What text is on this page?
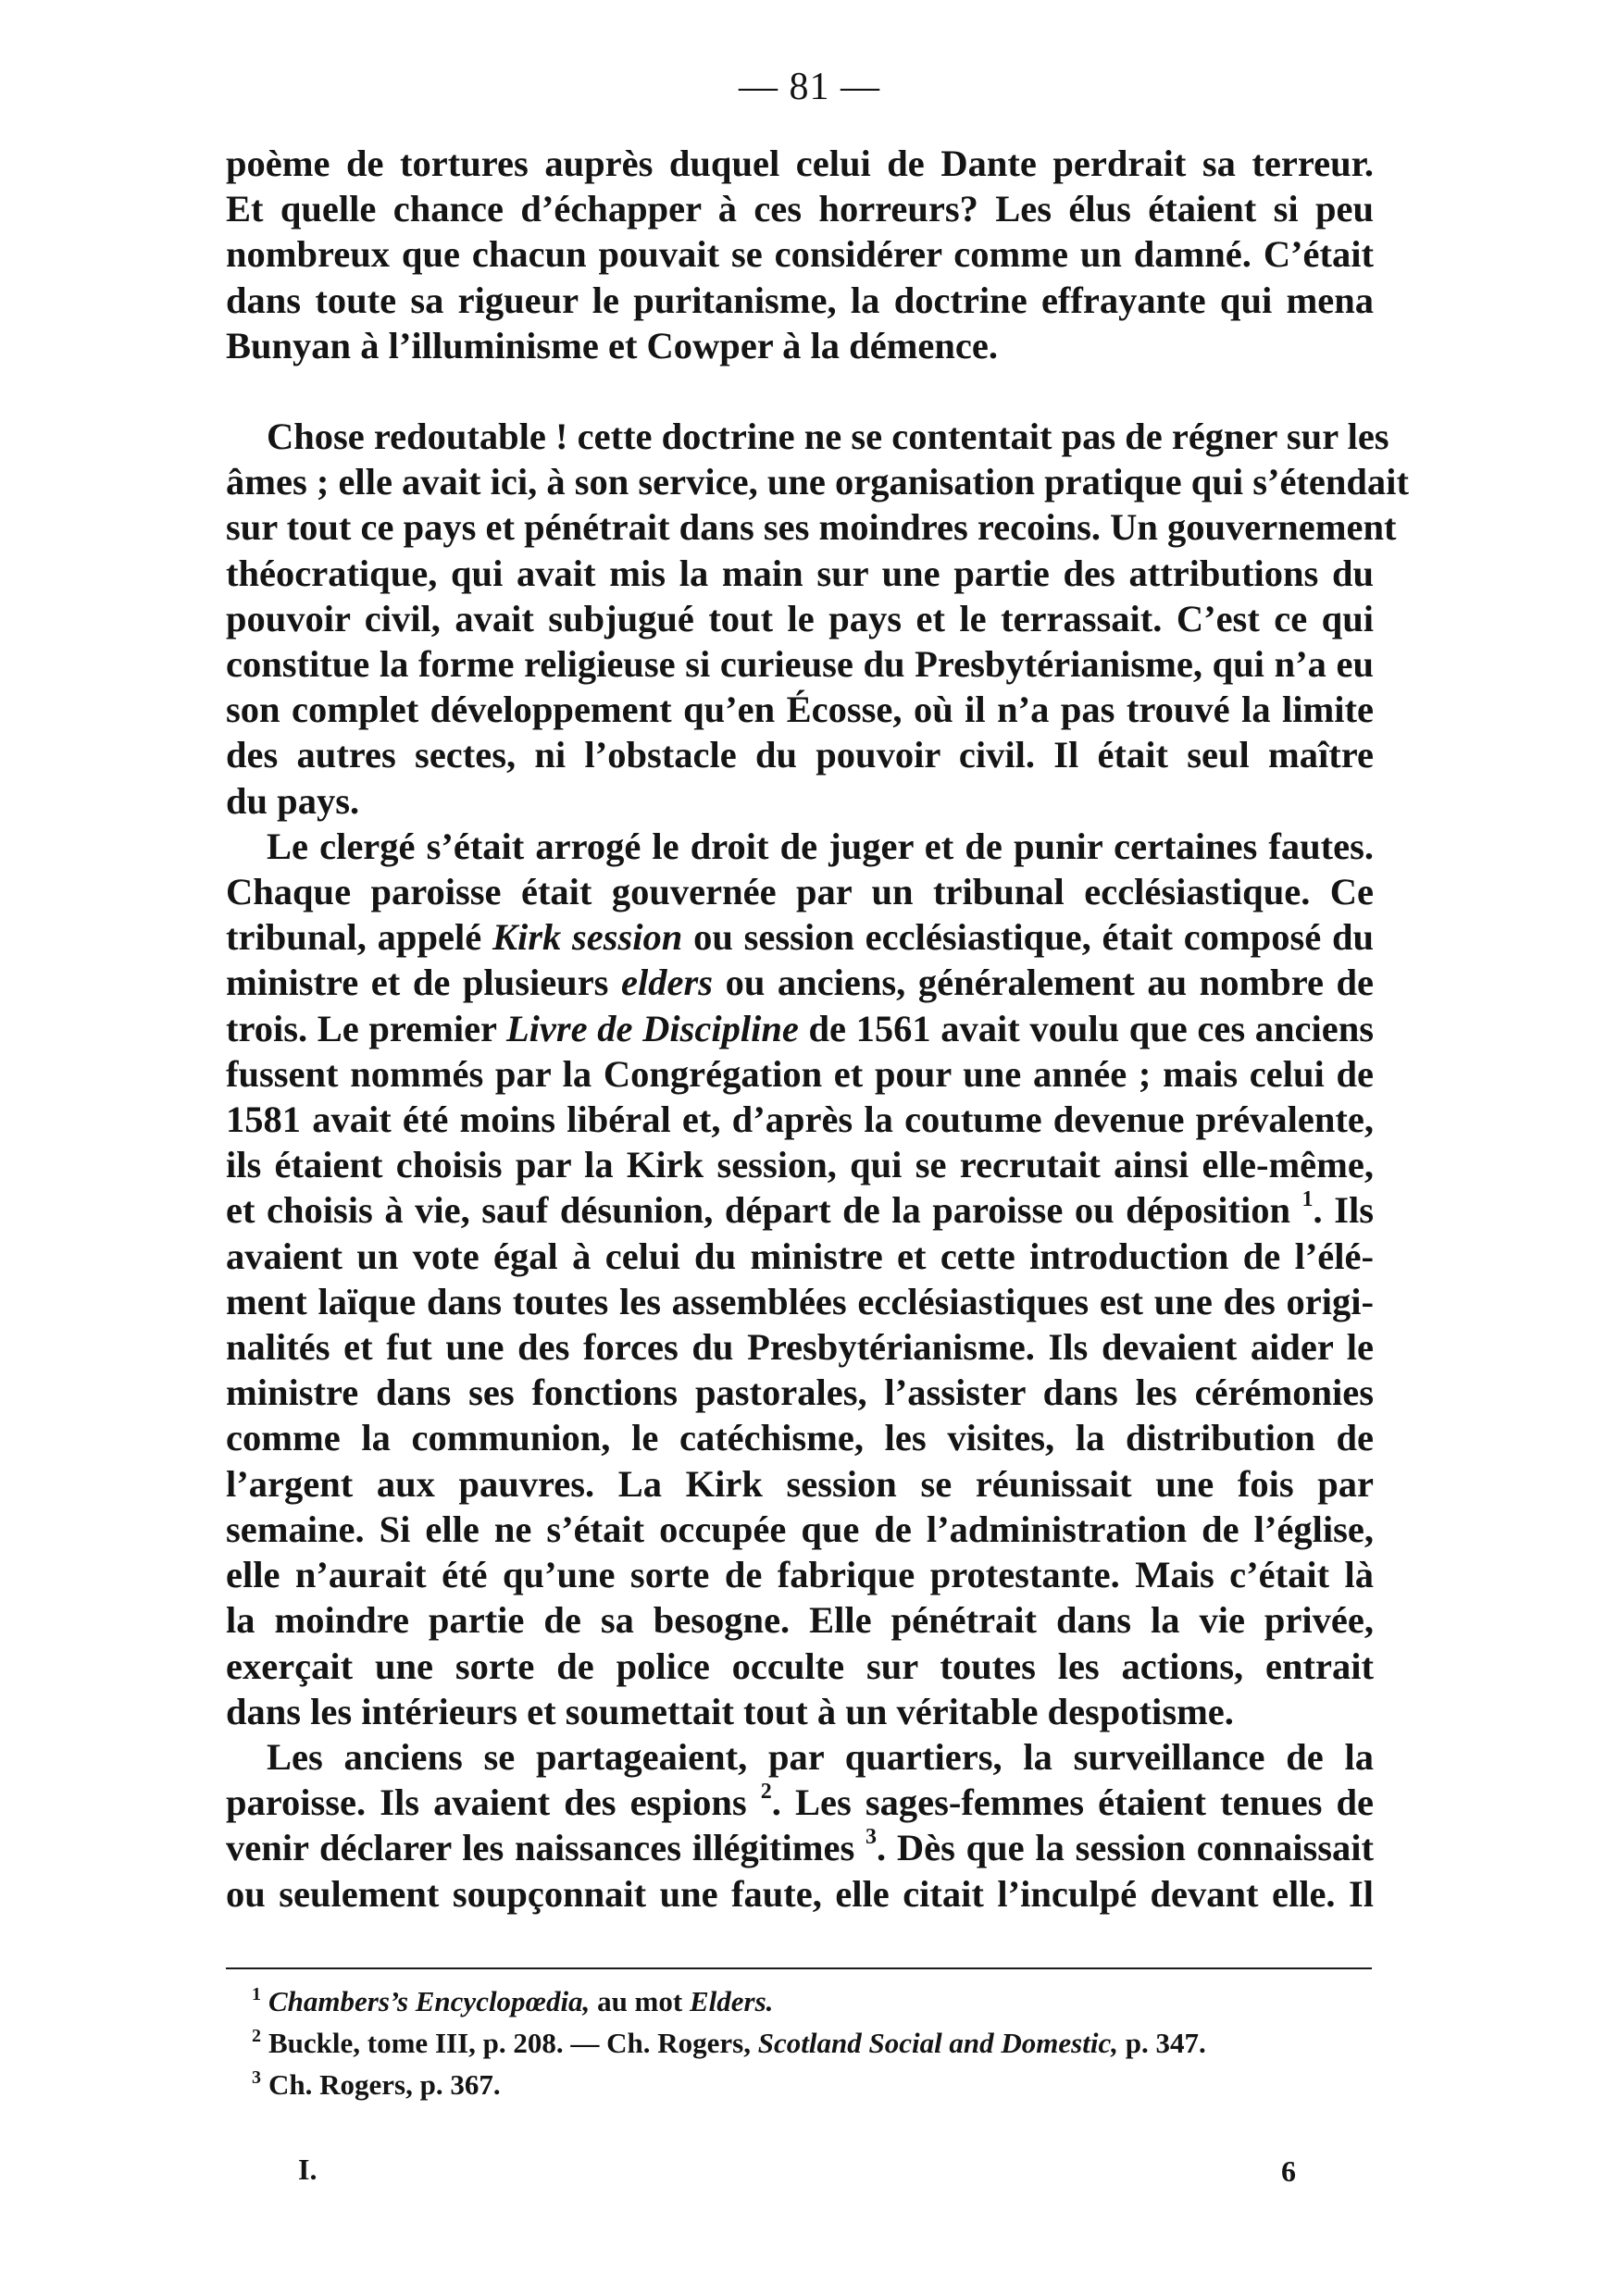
— 81 —
poème de tortures auprès duquel celui de Dante perdrait sa terreur.
Et quelle chance d’échapper à ces horreurs? Les élus étaient si peu
nombreux que chacun pouvait se considérer comme un damné. C’était
dans toute sa rigueur le puritanisme, la doctrine effrayante qui mena
Bunyan à l’illuminisme et Cowper à la démence.
Chose redoutable ! cette doctrine ne se contentait pas de régner sur les
âmes ; elle avait ici, à son service, une organisation pratique qui s’étendait
sur tout ce pays et pénétrait dans ses moindres recoins. Un gouvernement
théocratique, qui avait mis la main sur une partie des attributions du
pouvoir civil, avait subjugué tout le pays et le terrassait. C’est ce qui
constitue la forme religieuse si curieuse du Presbytérianisme, qui n’a eu
son complet développement qu’en Écosse, où il n’a pas trouvé la limite
des autres sectes, ni l’obstacle du pouvoir civil. Il était seul maître
du pays.
Le clergé s’était arrogé le droit de juger et de punir certaines fautes.
Chaque paroisse était gouvernée par un tribunal ecclésiastique. Ce
tribunal, appelé Kirk session ou session ecclésiastique, était composé du
ministre et de plusieurs elders ou anciens, généralement au nombre de
trois. Le premier Livre de Discipline de 1561 avait voulu que ces anciens
fussent nommés par la Congrégation et pour une année ; mais celui de
1581 avait été moins libéral et, d’après la coutume devenue prévalente,
ils étaient choisis par la Kirk session, qui se recrutait ainsi elle-même,
et choisis à vie, sauf désunion, départ de la paroisse ou déposition $^1$. Ils
avaient un vote égal à celui du ministre et cette introduction de l’élé-
ment laïque dans toutes les assemblées ecclésiastiques est une des origi-
nalités et fut une des forces du Presbytérianisme. Ils devaient aider le
ministre dans ses fonctions pastorales, l’assister dans les cérémonies
comme la communion, le catéchisme, les visites, la distribution de
l’argent aux pauvres. La Kirk session se réunissait une fois par
semaine. Si elle ne s’était occupée que de l’administration de l’église,
elle n’aurait été qu’une sorte de fabrique protestante. Mais c’était là
la moindre partie de sa besogne. Elle pénétrait dans la vie privée,
exerçait une sorte de police occulte sur toutes les actions, entrait
dans les intérieurs et soumettait tout à un véritable despotisme.
Les anciens se partageaient, par quartiers, la surveillance de la
paroisse. Ils avaient des espions $^2$. Les sages-femmes étaient tenues de
venir déclarer les naissances illégitimes $^3$. Dès que la session connaissait
ou seulement soupçonnait une faute, elle citait l’inculpé devant elle. Il
$^1$ Chambers’s Encyclopœdia, au mot Elders.
$^2$ Buckle, tome III, p. 208. — Ch. Rogers, Scotland Social and Domestic, p. 347.
$^3$ Ch. Rogers, p. 367.
I.	6
